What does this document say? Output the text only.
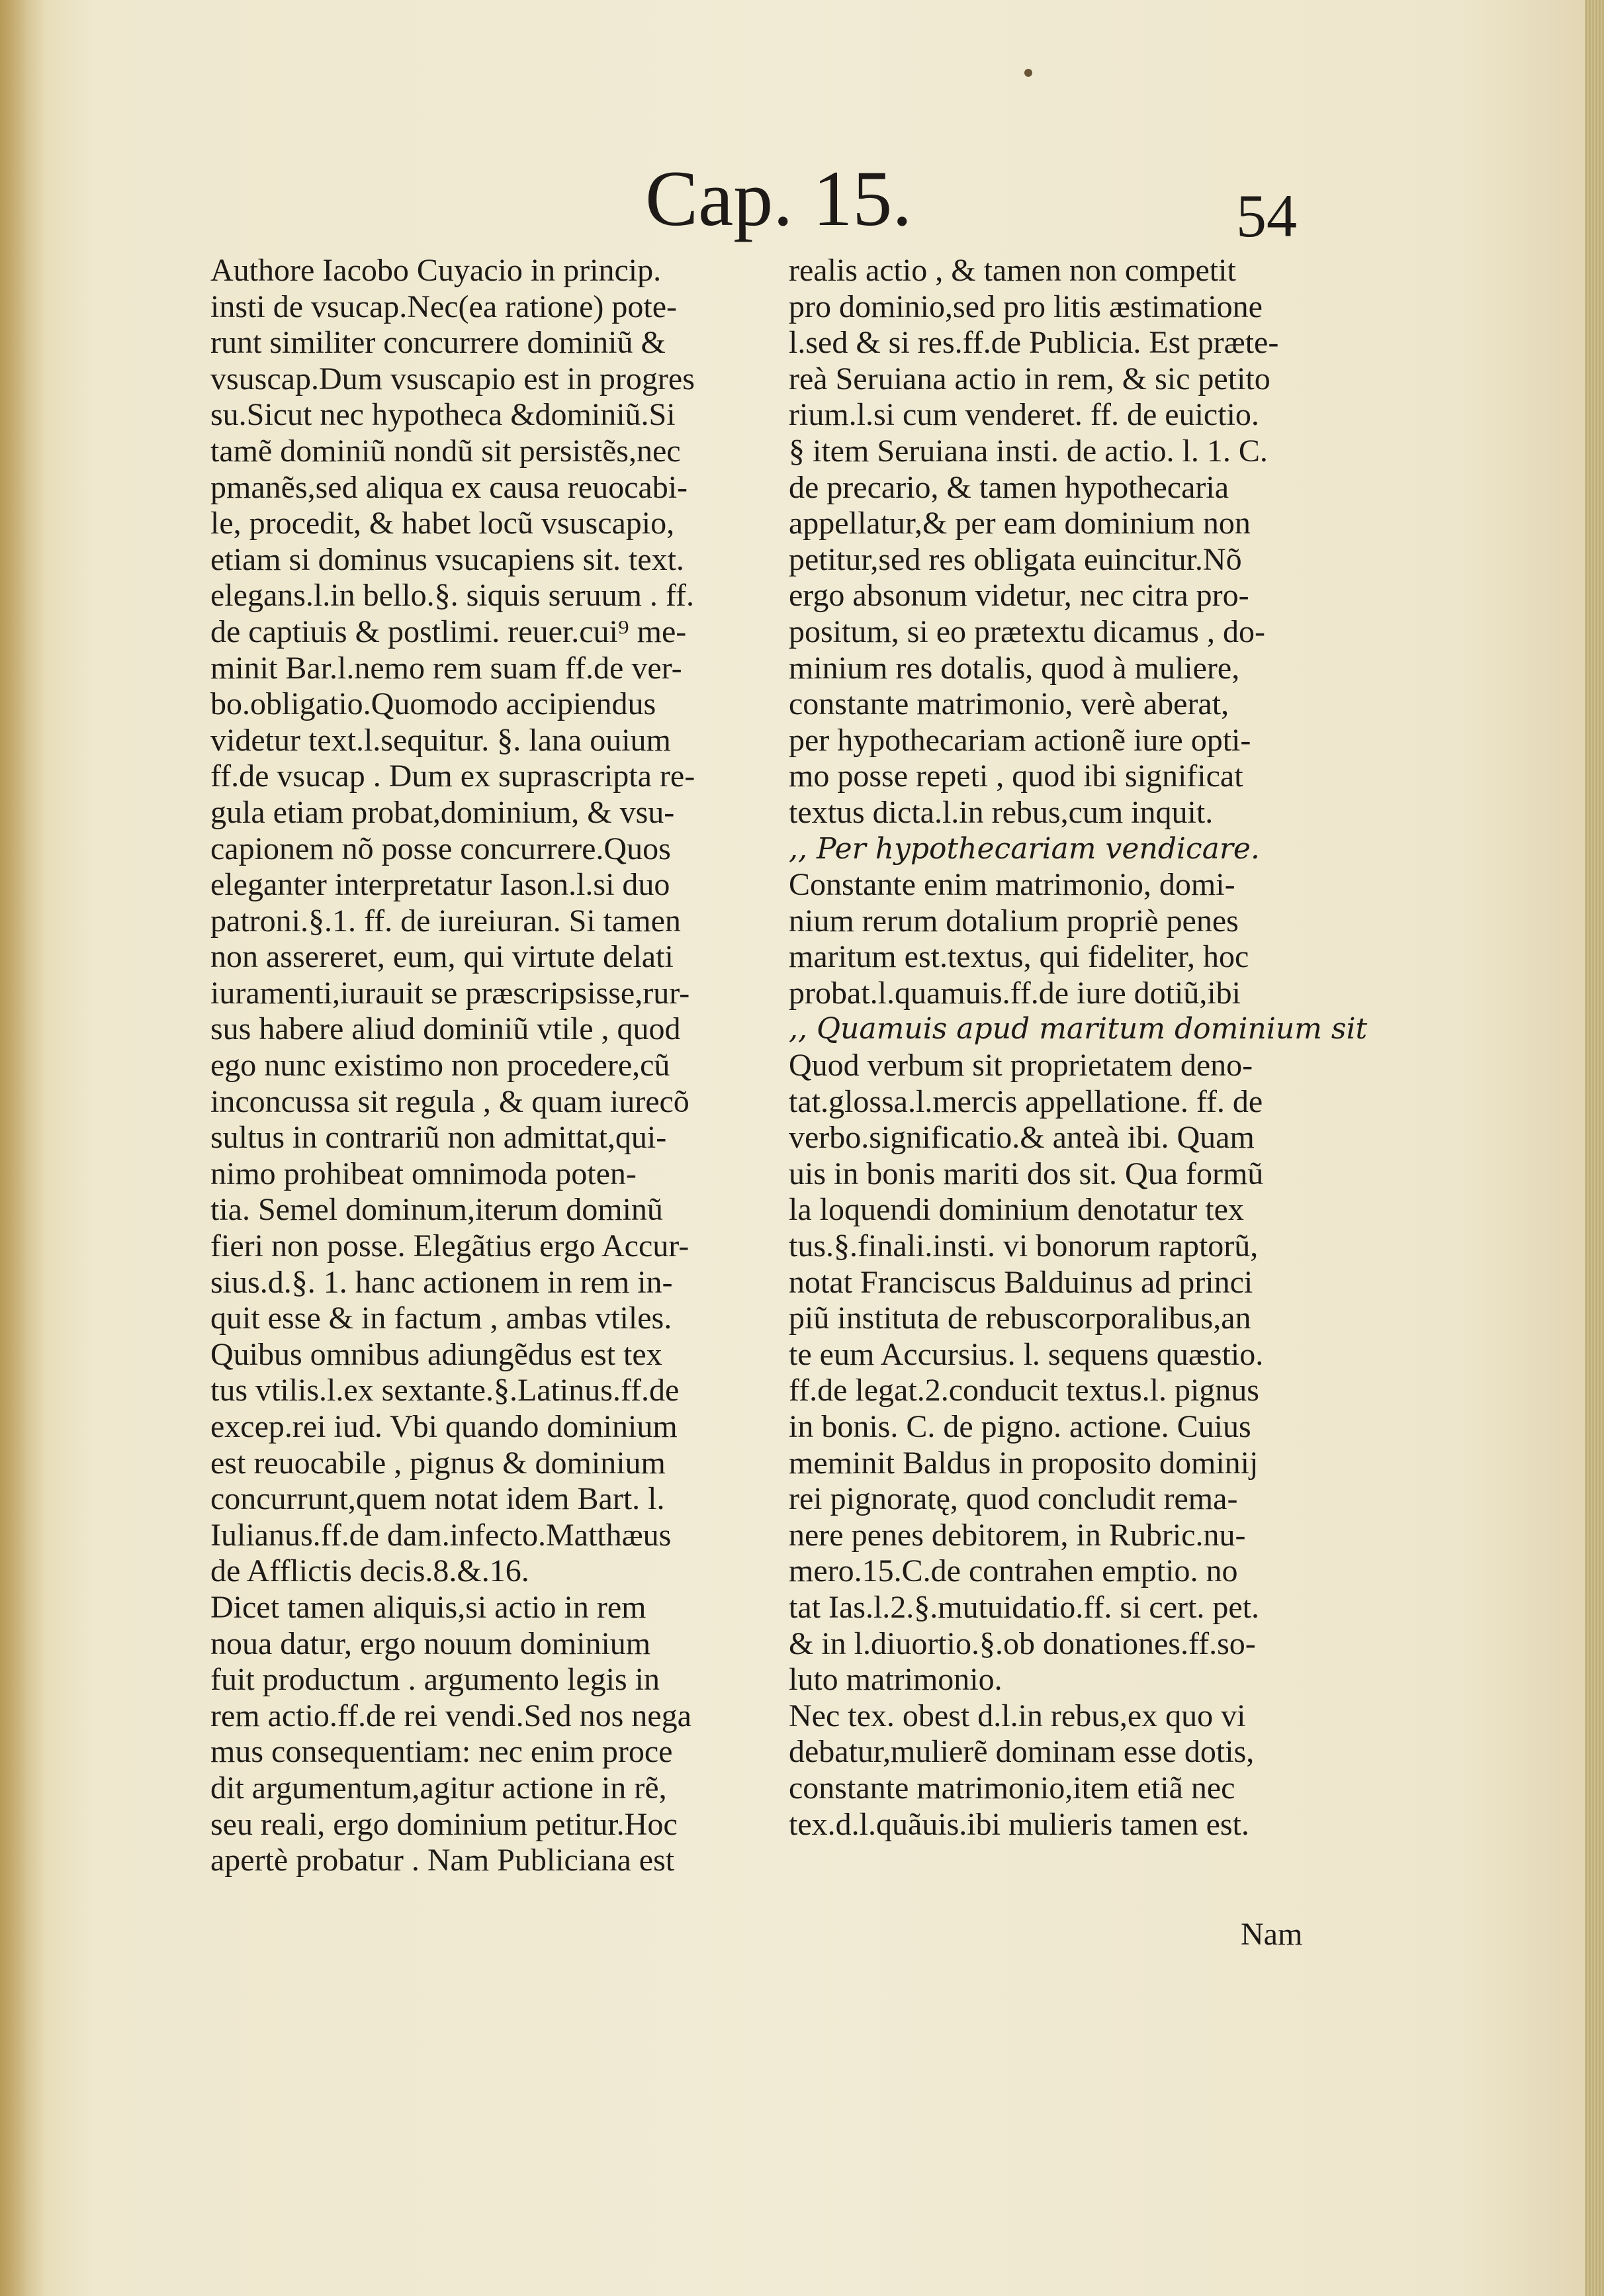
Cap. 15.	54
Authore Iacobo Cuyacio in princip.
insti de vsucap.Nec(ea ratione) pote-
runt similiter concurrere dominiũ &
vsuscap.Dum vsuscapio est in progres
su.Sicut nec hypotheca &dominiũ.Si
tamẽ dominiũ nondũ sit persistẽs,nec
pmanẽs,sed aliqua ex causa reuocabi-
le, procedit, & habet locũ vsuscapio,
etiam si dominus vsucapiens sit. text.
elegans.l.in bello.§. siquis seruum . ff.
de captiuis & postlimi. reuer.cui⁹ me-
minit Bar.l.nemo rem suam ff.de ver-
bo.obligatio.Quomodo accipiendus
videtur text.l.sequitur. §. lana ouium
ff.de vsucap . Dum ex suprascripta re-
gula etiam probat,dominium, & vsu-
capionem nõ posse concurrere.Quos
eleganter interpretatur Iason.l.si duo
patroni.§.1. ff. de iureiuran. Si tamen
non assereret, eum, qui virtute delati
iuramenti,iurauit se præscripsisse,rur-
sus habere aliud dominiũ vtile , quod
ego nunc existimo non procedere,cũ
inconcussa sit regula , & quam iurecõ
sultus in contrariũ non admittat,qui-
nimo prohibeat omnimoda poten-
tia. Semel dominum,iterum dominũ
fieri non posse. Elegãtius ergo Accur-
sius.d.§. 1. hanc actionem in rem in-
quit esse & in factum , ambas vtiles.
Quibus omnibus adiungẽdus est tex
tus vtilis.l.ex sextante.§.Latinus.ff.de
excep.rei iud. Vbi quando dominium
est reuocabile , pignus & dominium
concurrunt,quem notat idem Bart. l.
Iulianus.ff.de dam.infecto.Matthæus
de Afflictis decis.8.&.16.
Dicet tamen aliquis,si actio in rem
noua datur, ergo nouum dominium
fuit productum . argumento legis in
rem actio.ff.de rei vendi.Sed nos nega
mus consequentiam: nec enim proce
dit argumentum,agitur actione in rẽ,
seu reali, ergo dominium petitur.Hoc
apertè probatur . Nam Publiciana est
realis actio , & tamen non competit
pro dominio,sed pro litis æstimatione
l.sed & si res.ff.de Publicia. Est præte-
reà Seruiana actio in rem, & sic petito
rium.l.si cum venderet. ff. de euictio.
§ item Seruiana insti. de actio. l. 1. C.
de precario, & tamen hypothecaria
appellatur,& per eam dominium non
petitur,sed res obligata euincitur.Nõ
ergo absonum videtur, nec citra pro-
positum, si eo prætextu dicamus , do-
minium res dotalis, quod à muliere,
constante matrimonio, verè aberat,
per hypothecariam actionẽ iure opti-
mo posse repeti , quod ibi significat
textus dicta.l.in rebus,cum inquit.
,, Per hypothecariam vendicare.
Constante enim matrimonio, domi-
nium rerum dotalium propriè penes
maritum est.textus, qui fideliter, hoc
probat.l.quamuis.ff.de iure dotiũ,ibi
,, Quamuis apud maritum dominium sit
Quod verbum sit proprietatem deno-
tat.glossa.l.mercis appellatione. ff. de
verbo.significatio.& anteà ibi. Quam
uis in bonis mariti dos sit. Qua formũ
la loquendi dominium denotatur tex
tus.§.finali.insti. vi bonorum raptorũ,
notat Franciscus Balduinus ad princi
piũ instituta de rebuscorporalibus,an
te eum Accursius. l. sequens quæstio.
ff.de legat.2.conducit textus.l. pignus
in bonis. C. de pigno. actione. Cuius
meminit Baldus in proposito dominij
rei pignoratę, quod concludit rema-
nere penes debitorem, in Rubric.nu-
mero.15.C.de contrahen emptio. no
tat Ias.l.2.§.mutuidatio.ff. si cert. pet.
& in l.diuortio.§.ob donationes.ff.so-
luto matrimonio.
Nec tex. obest d.l.in rebus,ex quo vi
debatur,mulierẽ dominam esse dotis,
constante matrimonio,item etiã nec
tex.d.l.quãuis.ibi mulieris tamen est.
Nam
